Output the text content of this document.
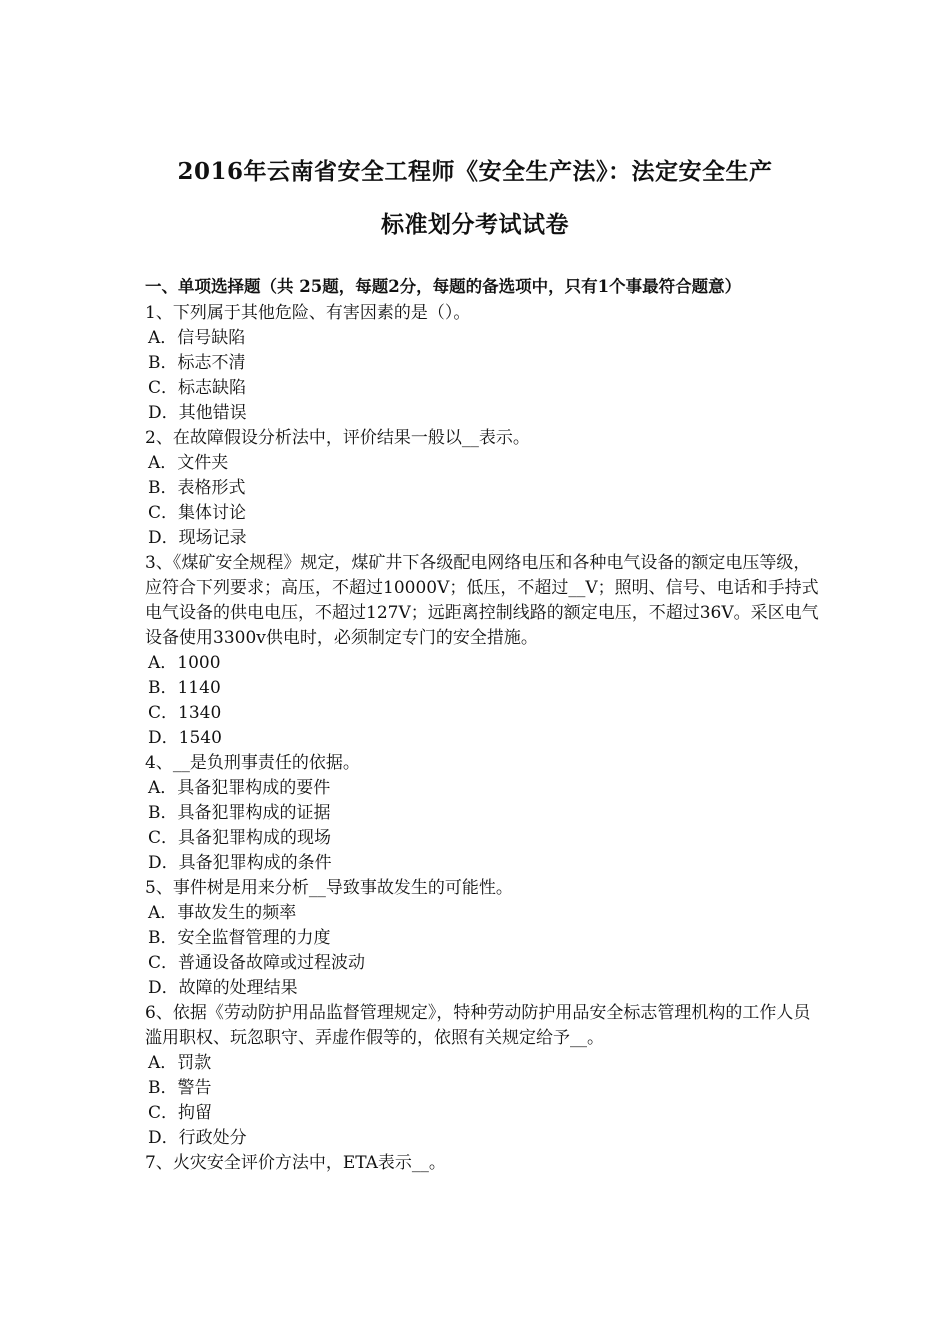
2016年云南省安全工程师《安全生产法》：法定安全生产
标准划分考试试卷
一、单项选择题（共 25题，每题2分，每题的备选项中，只有1个事最符合题意）
1、下列属于其他危险、有害因素的是（）。
A．信号缺陷
B．标志不清
C．标志缺陷
D．其他错误
2、在故障假设分析法中，评价结果一般以__表示。
A．文件夹
B．表格形式
C．集体讨论
D．现场记录
3、《煤矿安全规程》规定，煤矿井下各级配电网络电压和各种电气设备的额定电压等级，应符合下列要求；高压，不超过10000V；低压，不超过__V；照明、信号、电话和手持式电气设备的供电电压，不超过127V；远距离控制线路的额定电压，不超过36V。采区电气设备使用3300v供电时，必须制定专门的安全措施。
A．1000
B．1140
C．1340
D．1540
4、__是负刑事责任的依据。
A．具备犯罪构成的要件
B．具备犯罪构成的证据
C．具备犯罪构成的现场
D．具备犯罪构成的条件
5、事件树是用来分析__导致事故发生的可能性。
A．事故发生的频率
B．安全监督管理的力度
C．普通设备故障或过程波动
D．故障的处理结果
6、依据《劳动防护用品监督管理规定》，特种劳动防护用品安全标志管理机构的工作人员滥用职权、玩忽职守、弄虚作假等的，依照有关规定给予__。
A．罚款
B．警告
C．拘留
D．行政处分
7、火灾安全评价方法中，ETA表示__。
